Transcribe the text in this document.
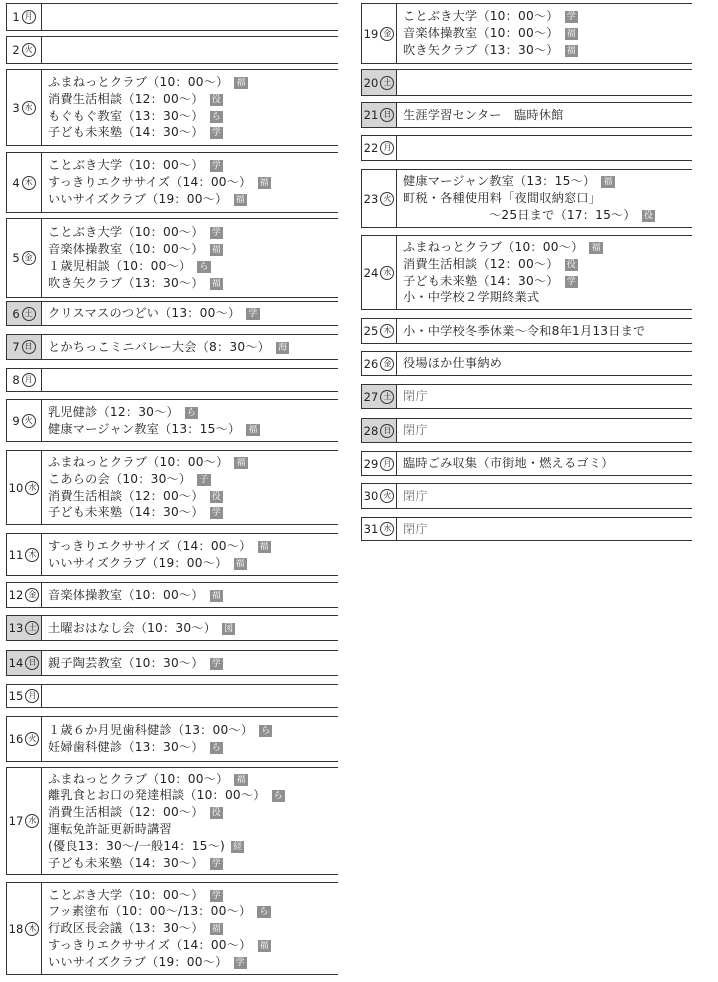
1 月
2 火
3 水
ふまねっとクラブ（10：00～） 福
消費生活相談（12：00～） 役
もぐもぐ教室（13：30～） ら
子ども未来塾（14：30～） 学
4 木
ことぶき大学（10：00～） 学
すっきりエクササイズ（14：00～） 福
いいサイズクラブ（19：00～） 福
5 金
ことぶき大学（10：00～） 学
音楽体操教室（10：00～） 福
１歳児相談（10：00～） ら
吹き矢クラブ（13：30～） 福
6 土 クリスマスのつどい（13：00～） 学
7 日 とかちっこミニバレー大会（8：30～） 海
8 月
9 火
乳児健診（12：30～） ら
健康マージャン教室（13：15～） 福
10 水
ふまねっとクラブ（10：00～） 福
こあらの会（10：30～） 子
消費生活相談（12：00～） 役
子ども未来塾（14：30～） 学
11 木
すっきりエクササイズ（14：00～） 福
いいサイズクラブ（19：00～） 福
12 金 音楽体操教室（10：00～） 福
13 土 土曜おはなし会（10：30～） 図
14 日 親子陶芸教室（10：30～） 学
15 月
16 火
１歳６か月児歯科健診（13：00～） ら
妊婦歯科健診（13：30～） ら
17 水
ふまねっとクラブ（10：00～） 福
離乳食とお口の発達相談（10：00～） ら
消費生活相談（12：00～） 役
運転免許証更新時講習
(優良13：30～/一般14：15～) 経
子ども未来塾（14：30～） 学
18 木
ことぶき大学（10：00～） 学
フッ素塗布（10：00～/13：00～） ら
行政区長会議（13：30～） 福
すっきりエクササイズ（14：00～） 福
いいサイズクラブ（19：00～） 学
19 金
ことぶき大学（10：00～） 学
音楽体操教室（10：00～） 福
吹き矢クラブ（13：30～） 福
20 土
21 日 生涯学習センター　臨時休館
22 月
23 火
健康マージャン教室（13：15～） 福
町税・各種使用料「夜間収納窓口」
～25日まで（17：15～） 役
24 水
ふまねっとクラブ（10：00～） 福
消費生活相談（12：00～） 役
子ども未来塾（14：30～） 学
小・中学校２学期終業式
25 木 小・中学校冬季休業～令和8年1月13日まで
26 金 役場ほか仕事納め
27 土 閉庁
28 日 閉庁
29 月 臨時ごみ収集（市街地・燃えるゴミ）
30 火 閉庁
31 水 閉庁
